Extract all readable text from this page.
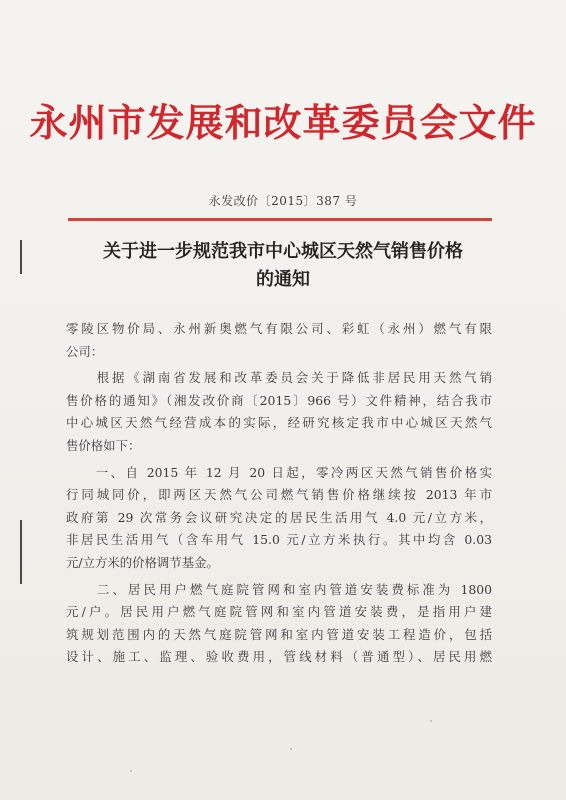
永州市发展和改革委员会文件
永发改价〔2015〕387 号
关于进一步规范我市中心城区天然气销售价格
的通知
零陵区物价局、永州新奥燃气有限公司、彩虹（永州）燃气有限
公司：
　　根据《湖南省发展和改革委员会关于降低非居民用天然气销
售价格的通知》（湘发改价商〔2015〕966 号）文件精神，结合我市
中心城区天然气经营成本的实际，经研究核定我市中心城区天然气
售价格如下：
　　一、自 2015 年 12 月 20 日起，零冷两区天然气销售价格实
行同城同价，即两区天然气公司燃气销售价格继续按 2013 年市
政府第 29 次常务会议研究决定的居民生活用气 4.0 元/立方米，
非居民生活用气（含车用气 15.0 元/立方米执行。其中均含 0.03
元/立方米的价格调节基金。
　　二、居民用户燃气庭院管网和室内管道安装费标准为 1800
元/户。居民用户燃气庭院管网和室内管道安装费，是指用户建
筑规划范围内的天然气庭院管网和室内管道安装工程造价，包括
设计、施工、监理、验收费用，管线材料（普通型）、居民用燃
